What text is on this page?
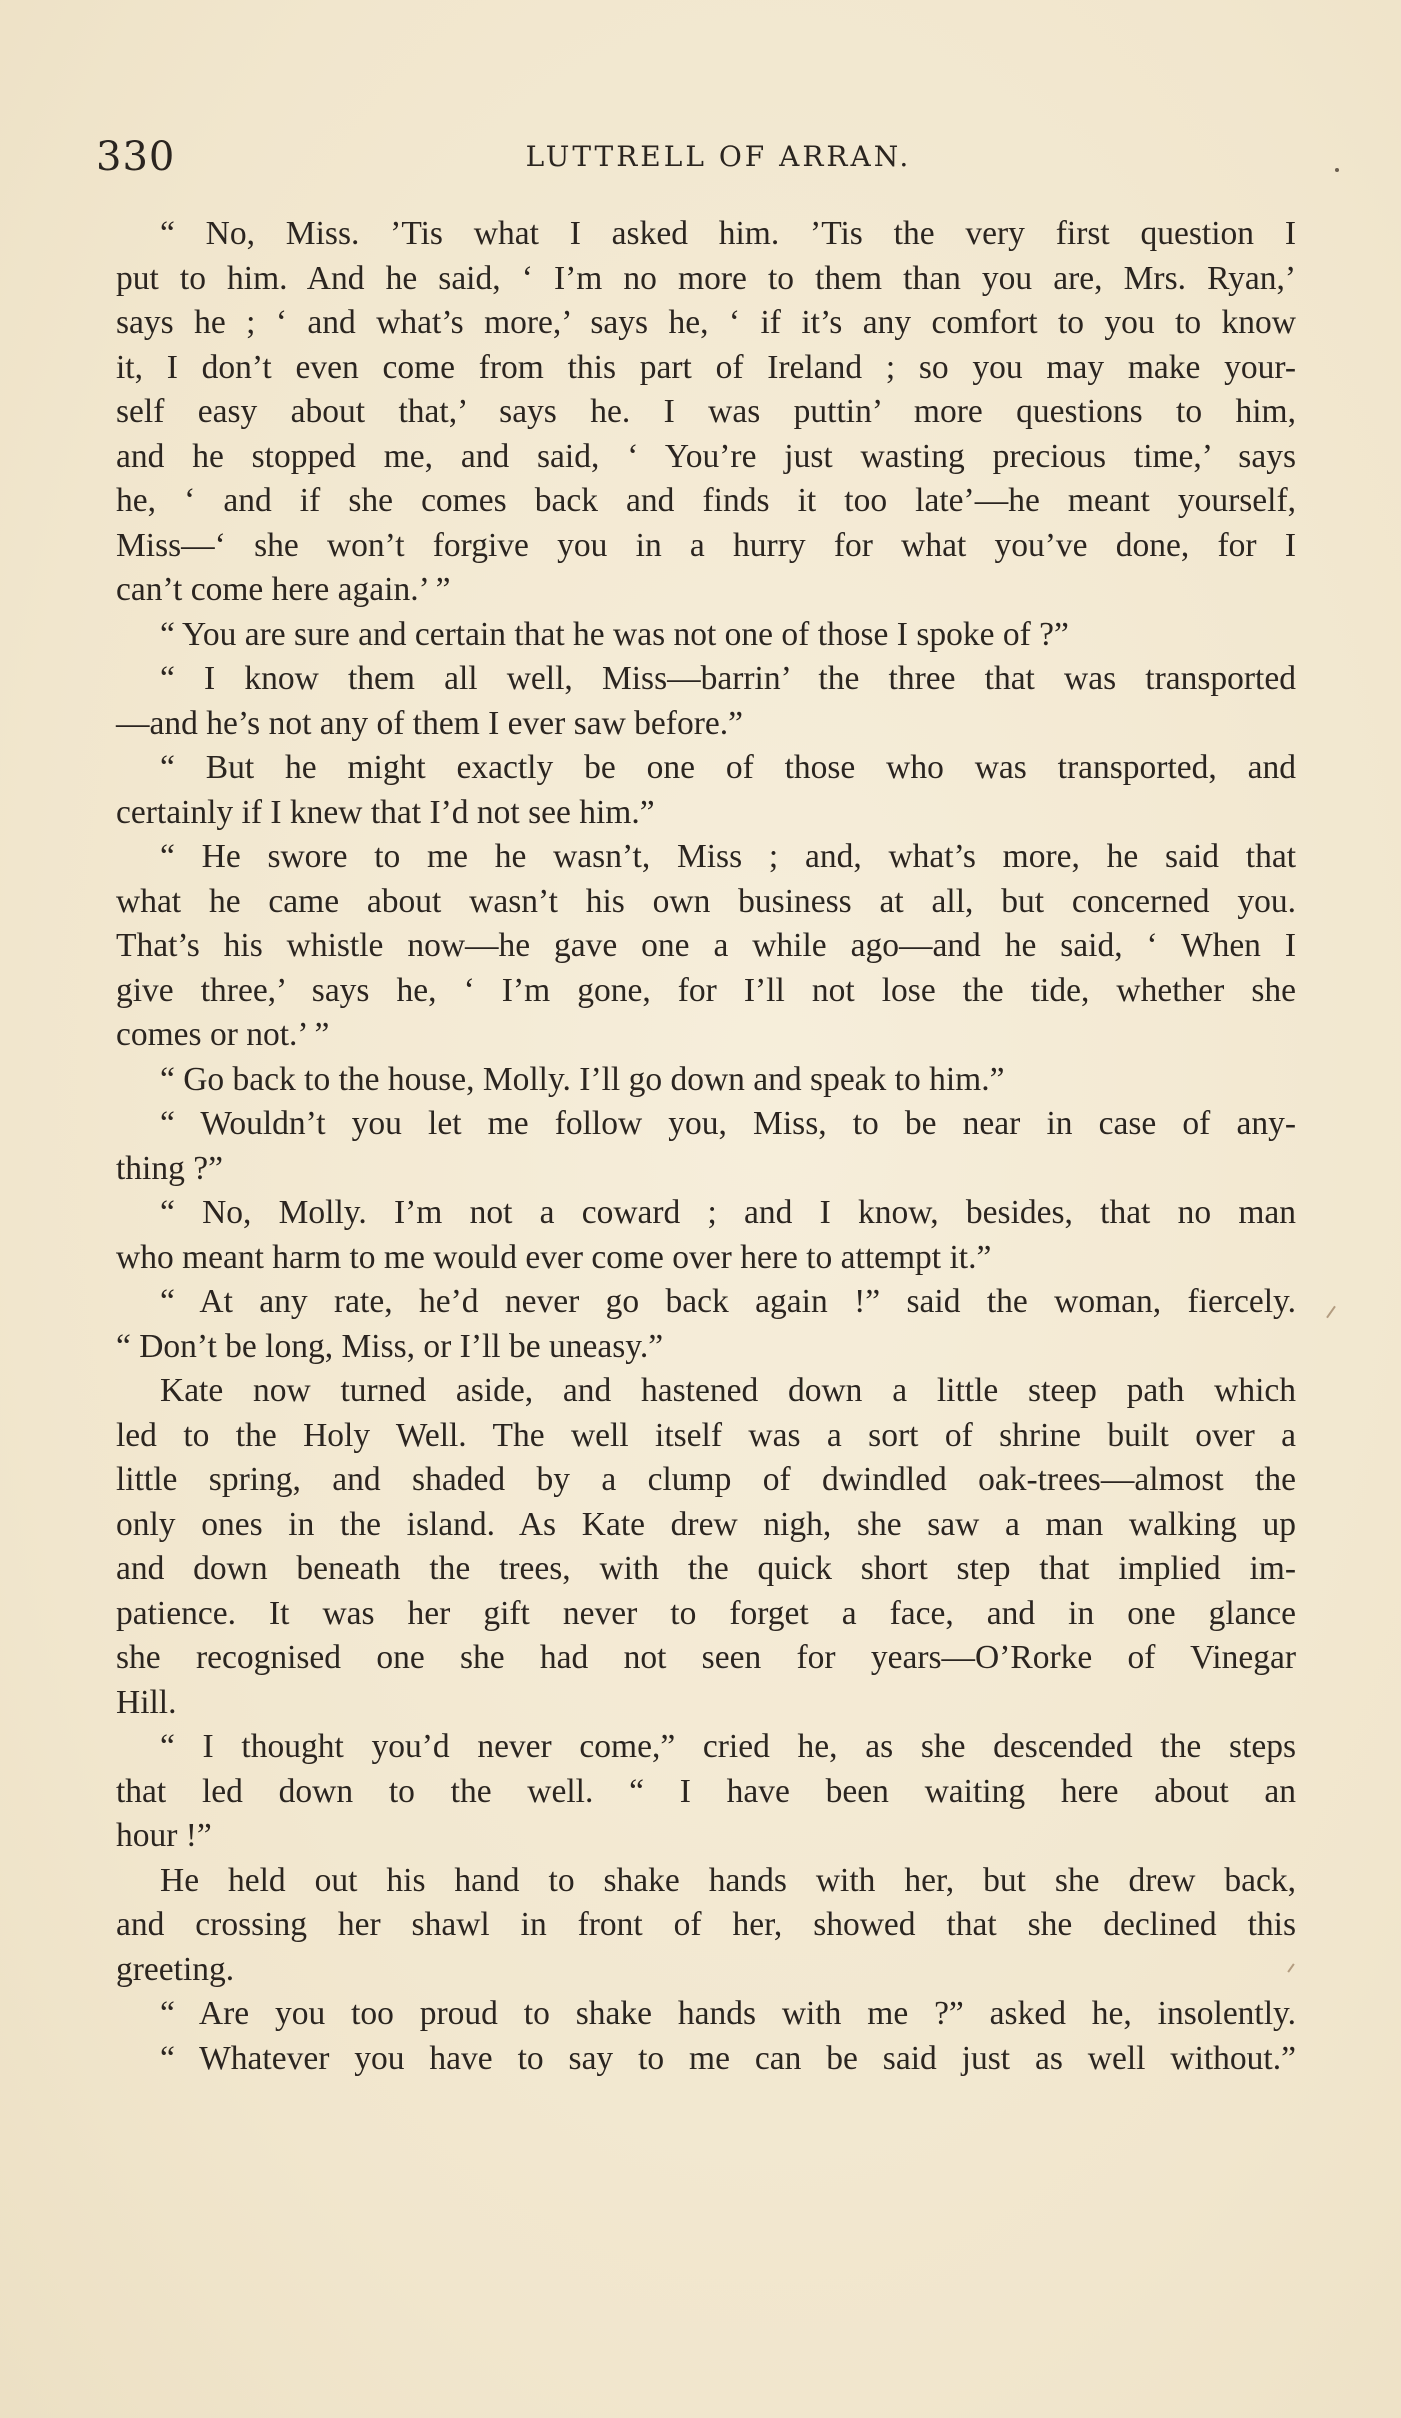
330	LUTTRELL OF ARRAN.
“ No, Miss. ’Tis what I asked him. ’Tis the very first question I
put to him. And he said, ‘ I’m no more to them than you are, Mrs. Ryan,’
says he ; ‘ and what’s more,’ says he, ‘ if it’s any comfort to you to know
it, I don’t even come from this part of Ireland ; so you may make your-
self easy about that,’ says he. I was puttin’ more questions to him,
and he stopped me, and said, ‘ You’re just wasting precious time,’ says
he, ‘ and if she comes back and finds it too late’—he meant yourself,
Miss—‘ she won’t forgive you in a hurry for what you’ve done, for I
can’t come here again.’ ”
“ You are sure and certain that he was not one of those I spoke of ?”
“ I know them all well, Miss—barrin’ the three that was transported
—and he’s not any of them I ever saw before.”
“ But he might exactly be one of those who was transported, and
certainly if I knew that I’d not see him.”
“ He swore to me he wasn’t, Miss ; and, what’s more, he said that
what he came about wasn’t his own business at all, but concerned you.
That’s his whistle now—he gave one a while ago—and he said, ‘ When I
give three,’ says he, ‘ I’m gone, for I’ll not lose the tide, whether she
comes or not.’ ”
“ Go back to the house, Molly. I’ll go down and speak to him.”
“ Wouldn’t you let me follow you, Miss, to be near in case of any-
thing ?”
“ No, Molly. I’m not a coward ; and I know, besides, that no man
who meant harm to me would ever come over here to attempt it.”
“ At any rate, he’d never go back again !” said the woman, fiercely.
“ Don’t be long, Miss, or I’ll be uneasy.”
Kate now turned aside, and hastened down a little steep path which
led to the Holy Well. The well itself was a sort of shrine built over a
little spring, and shaded by a clump of dwindled oak-trees—almost the
only ones in the island. As Kate drew nigh, she saw a man walking up
and down beneath the trees, with the quick short step that implied im-
patience. It was her gift never to forget a face, and in one glance
she recognised one she had not seen for years—O’Rorke of Vinegar
Hill.
“ I thought you’d never come,” cried he, as she descended the steps
that led down to the well. “ I have been waiting here about an
hour !”
He held out his hand to shake hands with her, but she drew back,
and crossing her shawl in front of her, showed that she declined this
greeting.
“ Are you too proud to shake hands with me ?” asked he, insolently.
“ Whatever you have to say to me can be said just as well without.”
